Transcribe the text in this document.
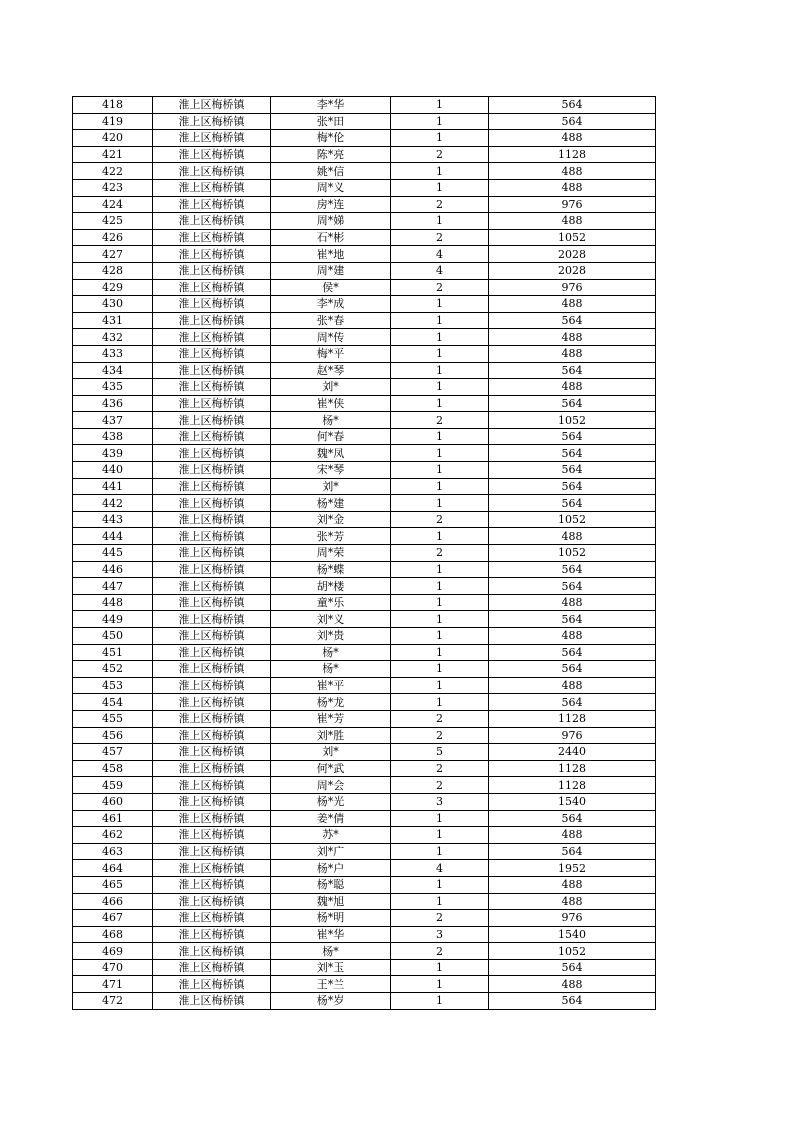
418	淮上区梅桥镇	李*华	1	564
419	淮上区梅桥镇	张*田	1	564
420	淮上区梅桥镇	梅*伦	1	488
421	淮上区梅桥镇	陈*亮	2	1128
422	淮上区梅桥镇	姚*信	1	488
423	淮上区梅桥镇	周*义	1	488
424	淮上区梅桥镇	房*连	2	976
425	淮上区梅桥镇	周*娣	1	488
426	淮上区梅桥镇	石*彬	2	1052
427	淮上区梅桥镇	崔*地	4	2028
428	淮上区梅桥镇	周*建	4	2028
429	淮上区梅桥镇	侯*	2	976
430	淮上区梅桥镇	李*成	1	488
431	淮上区梅桥镇	张*春	1	564
432	淮上区梅桥镇	周*传	1	488
433	淮上区梅桥镇	梅*平	1	488
434	淮上区梅桥镇	赵*琴	1	564
435	淮上区梅桥镇	刘*	1	488
436	淮上区梅桥镇	崔*侠	1	564
437	淮上区梅桥镇	杨*	2	1052
438	淮上区梅桥镇	何*春	1	564
439	淮上区梅桥镇	魏*凤	1	564
440	淮上区梅桥镇	宋*琴	1	564
441	淮上区梅桥镇	刘*	1	564
442	淮上区梅桥镇	杨*建	1	564
443	淮上区梅桥镇	刘*金	2	1052
444	淮上区梅桥镇	张*芳	1	488
445	淮上区梅桥镇	周*荣	2	1052
446	淮上区梅桥镇	杨*蝶	1	564
447	淮上区梅桥镇	胡*楼	1	564
448	淮上区梅桥镇	童*乐	1	488
449	淮上区梅桥镇	刘*义	1	564
450	淮上区梅桥镇	刘*贵	1	488
451	淮上区梅桥镇	杨*	1	564
452	淮上区梅桥镇	杨*	1	564
453	淮上区梅桥镇	崔*平	1	488
454	淮上区梅桥镇	杨*龙	1	564
455	淮上区梅桥镇	崔*芳	2	1128
456	淮上区梅桥镇	刘*胜	2	976
457	淮上区梅桥镇	刘*	5	2440
458	淮上区梅桥镇	何*武	2	1128
459	淮上区梅桥镇	周*会	2	1128
460	淮上区梅桥镇	杨*光	3	1540
461	淮上区梅桥镇	姜*倩	1	564
462	淮上区梅桥镇	苏*	1	488
463	淮上区梅桥镇	刘*广	1	564
464	淮上区梅桥镇	杨*户	4	1952
465	淮上区梅桥镇	杨*聪	1	488
466	淮上区梅桥镇	魏*旭	1	488
467	淮上区梅桥镇	杨*明	2	976
468	淮上区梅桥镇	崔*华	3	1540
469	淮上区梅桥镇	杨*	2	1052
470	淮上区梅桥镇	刘*玉	1	564
471	淮上区梅桥镇	王*兰	1	488
472	淮上区梅桥镇	杨*岁	1	564
